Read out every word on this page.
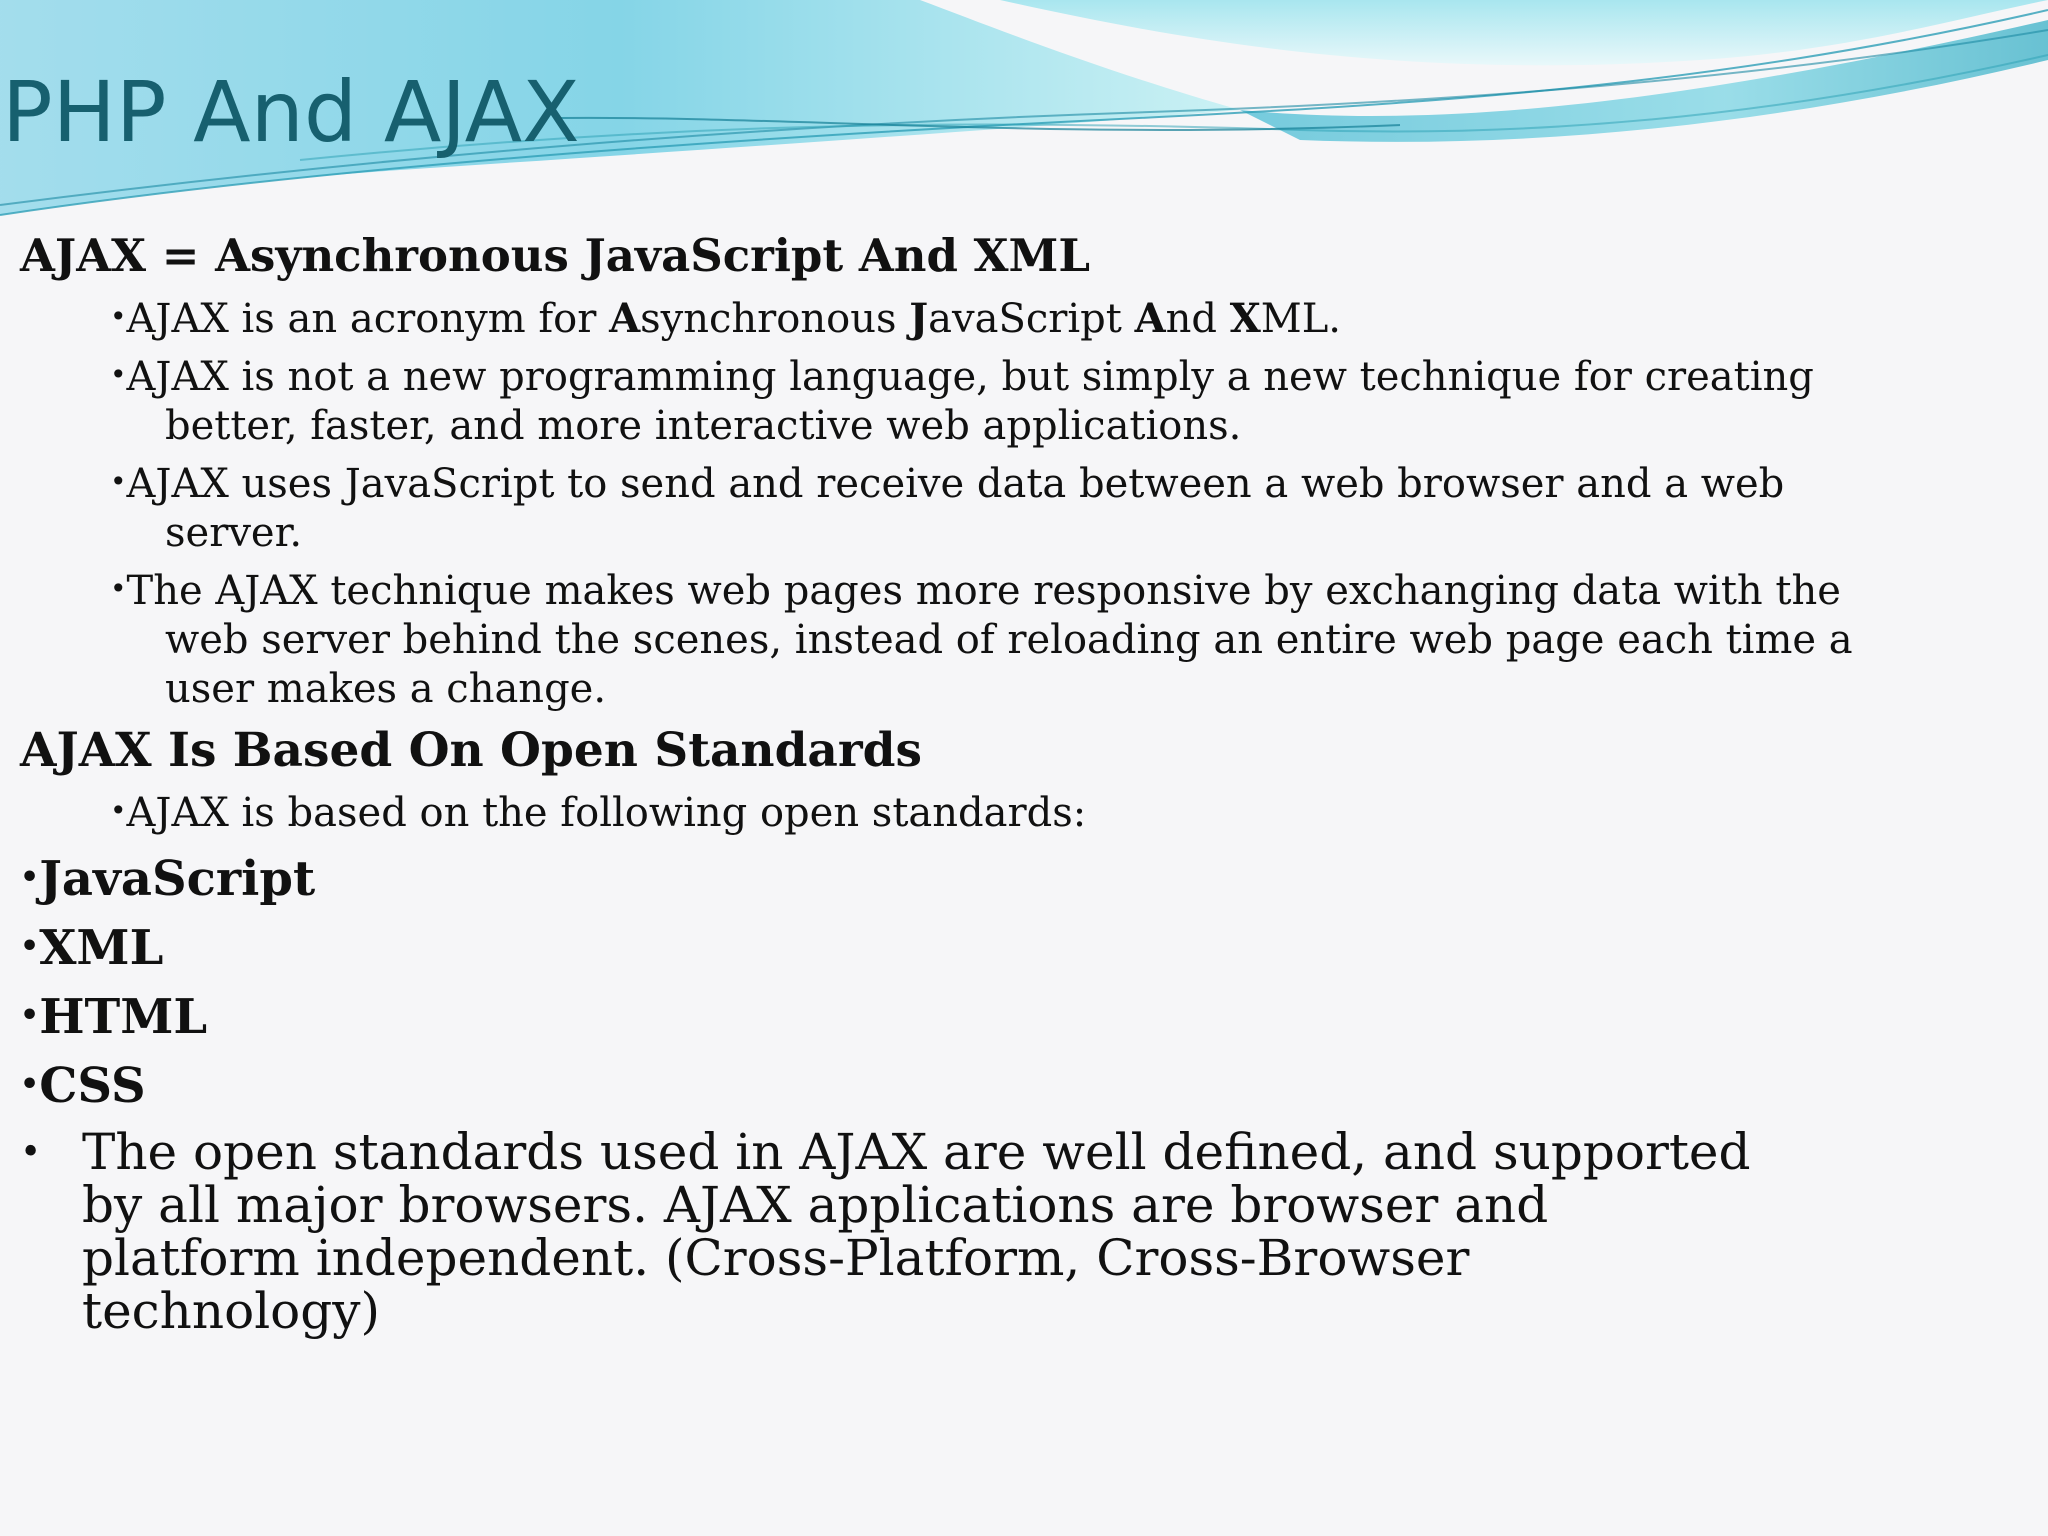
PHP And AJAX
AJAX = Asynchronous JavaScript And XML
•AJAX is an acronym for Asynchronous JavaScript And XML.
•AJAX is not a new programming language, but simply a new technique for creating better, faster, and more interactive web applications.
•AJAX uses JavaScript to send and receive data between a web browser and a web server.
•The AJAX technique makes web pages more responsive by exchanging data with the web server behind the scenes, instead of reloading an entire web page each time a user makes a change.
AJAX Is Based On Open Standards
•AJAX is based on the following open standards:
•JavaScript
•XML
•HTML
•CSS
• The open standards used in AJAX are well defined, and supported by all major browsers. AJAX applications are browser and platform independent. (Cross-Platform, Cross-Browser technology)
